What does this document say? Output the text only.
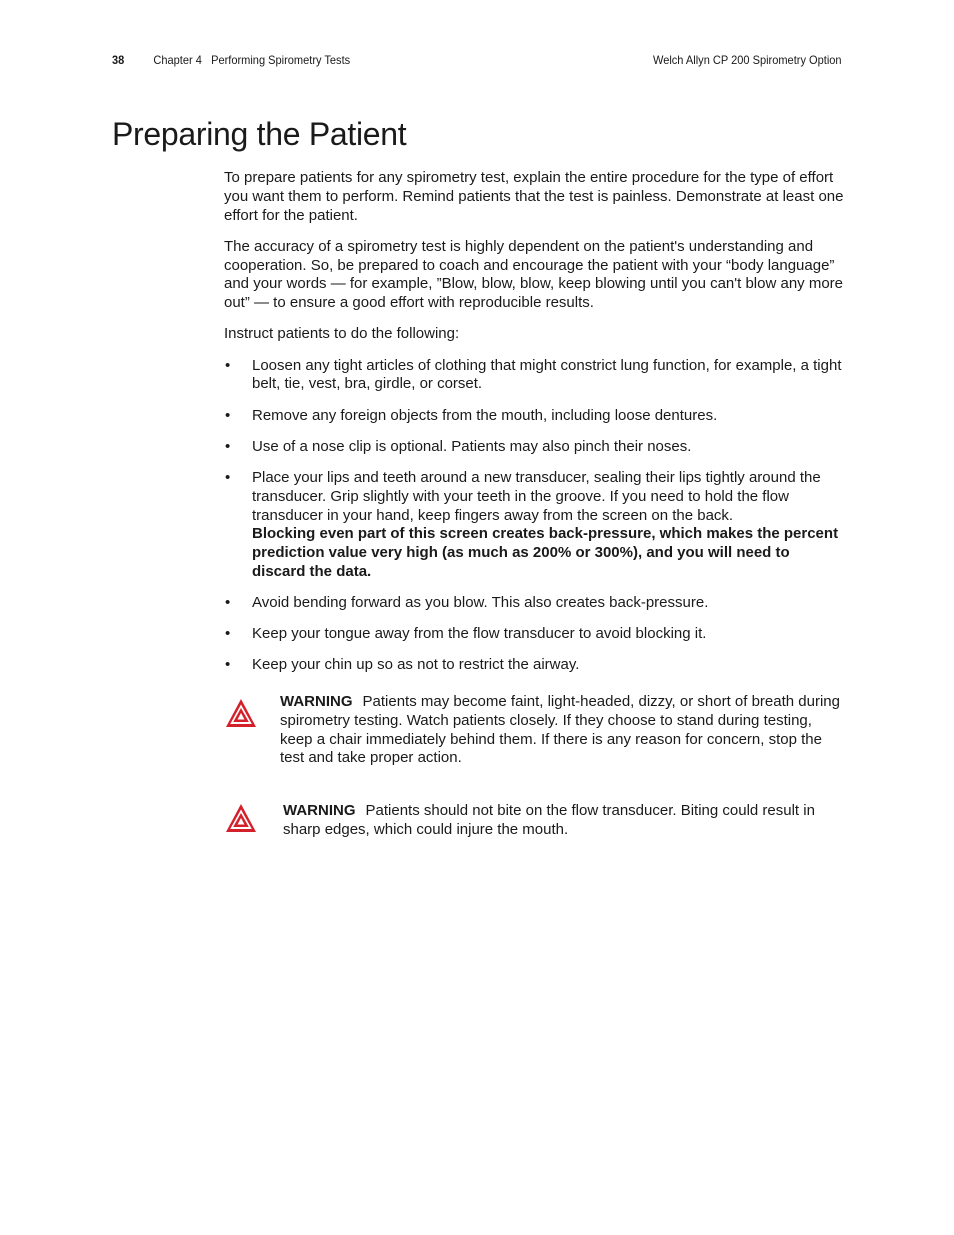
38 Chapter 4 Performing Spirometry Tests	Welch Allyn CP 200 Spirometry Option
Preparing the Patient

To prepare patients for any spirometry test, explain the entire procedure for the type of effort you want them to perform. Remind patients that the test is painless. Demonstrate at least one effort for the patient.

The accuracy of a spirometry test is highly dependent on the patient's understanding and cooperation. So, be prepared to coach and encourage the patient with your “body language” and your words — for example, ”Blow, blow, blow, keep blowing until you can't blow any more out” — to ensure a good effort with reproducible results.

Instruct patients to do the following:

• Loosen any tight articles of clothing that might constrict lung function, for example, a tight belt, tie, vest, bra, girdle, or corset.
• Remove any foreign objects from the mouth, including loose dentures.
• Use of a nose clip is optional. Patients may also pinch their noses.
• Place your lips and teeth around a new transducer, sealing their lips tightly around the transducer. Grip slightly with your teeth in the groove. If you need to hold the flow transducer in your hand, keep fingers away from the screen on the back.
Blocking even part of this screen creates back-pressure, which makes the percent prediction value very high (as much as 200% or 300%), and you will need to discard the data.
• Avoid bending forward as you blow. This also creates back-pressure.
• Keep your tongue away from the flow transducer to avoid blocking it.
• Keep your chin up so as not to restrict the airway.
WARNING Patients may become faint, light-headed, dizzy, or short of breath during spirometry testing. Watch patients closely. If they choose to stand during testing, keep a chair immediately behind them. If there is any reason for concern, stop the test and take proper action.
WARNING Patients should not bite on the flow transducer. Biting could result in sharp edges, which could injure the mouth.
